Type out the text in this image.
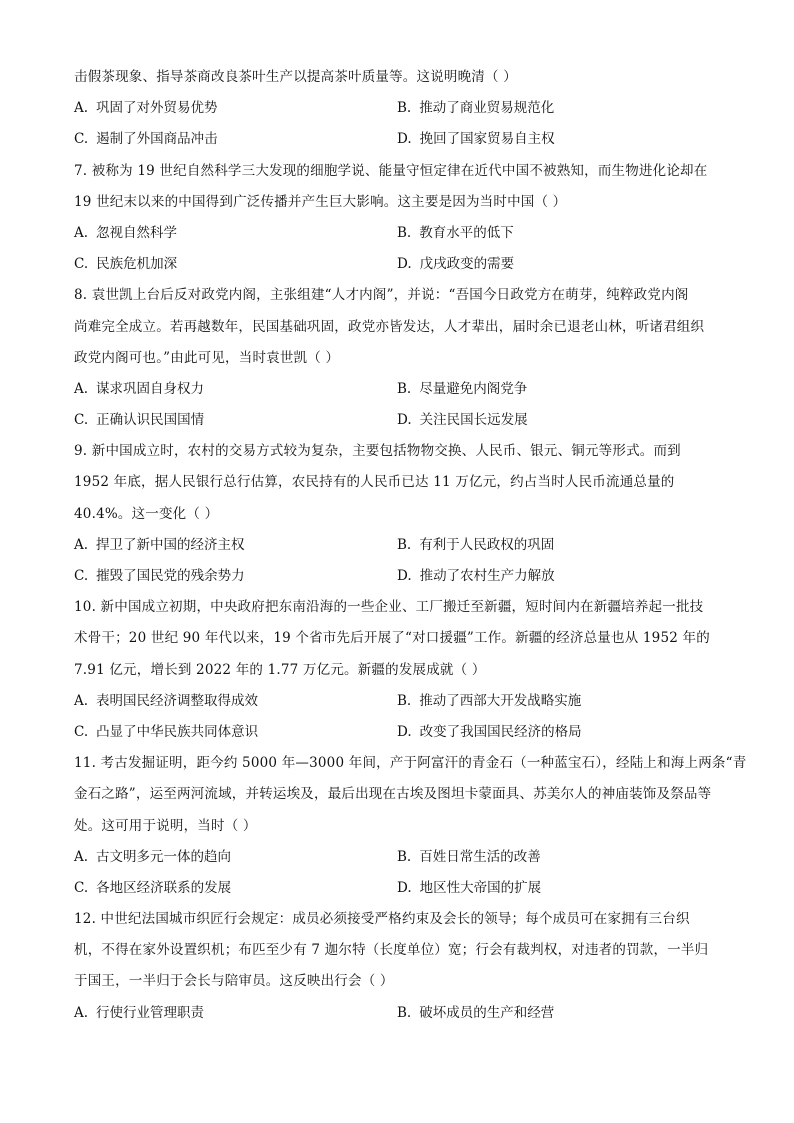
击假茶现象、指导茶商改良茶叶生产以提高茶叶质量等。这说明晚清（ ）
A. 巩固了对外贸易优势	B. 推动了商业贸易规范化
C. 遏制了外国商品冲击	D. 挽回了国家贸易自主权
7. 被称为 19 世纪自然科学三大发现的细胞学说、能量守恒定律在近代中国不被熟知，而生物进化论却在
19 世纪末以来的中国得到广泛传播并产生巨大影响。这主要是因为当时中国（ ）
A. 忽视自然科学	B. 教育水平的低下
C. 民族危机加深	D. 戊戌政变的需要
8. 袁世凯上台后反对政党内阁，主张组建“人才内阁”，并说：“吾国今日政党方在萌芽，纯粹政党内阁
尚难完全成立。若再越数年，民国基础巩固，政党亦皆发达，人才辈出，届时余已退老山林，听诸君组织
政党内阁可也。”由此可见，当时袁世凯（ ）
A. 谋求巩固自身权力	B. 尽量避免内阁党争
C. 正确认识民国国情	D. 关注民国长远发展
9. 新中国成立时，农村的交易方式较为复杂，主要包括物物交换、人民币、银元、铜元等形式。而到
1952 年底，据人民银行总行估算，农民持有的人民币已达 11 万亿元，约占当时人民币流通总量的
40.4%。这一变化（ ）
A. 捍卫了新中国的经济主权	B. 有利于人民政权的巩固
C. 摧毁了国民党的残余势力	D. 推动了农村生产力解放
10. 新中国成立初期，中央政府把东南沿海的一些企业、工厂搬迁至新疆，短时间内在新疆培养起一批技
术骨干；20 世纪 90 年代以来，19 个省市先后开展了“对口援疆”工作。新疆的经济总量也从 1952 年的
7.91 亿元，增长到 2022 年的 1.77 万亿元。新疆的发展成就（ ）
A. 表明国民经济调整取得成效	B. 推动了西部大开发战略实施
C. 凸显了中华民族共同体意识	D. 改变了我国国民经济的格局
11. 考古发掘证明，距今约 5000 年—3000 年间，产于阿富汗的青金石（一种蓝宝石），经陆上和海上两条“青
金石之路”，运至两河流域，并转运埃及，最后出现在古埃及图坦卡蒙面具、苏美尔人的神庙装饰及祭品等
处。这可用于说明，当时（ ）
A. 古文明多元一体的趋向	B. 百姓日常生活的改善
C. 各地区经济联系的发展	D. 地区性大帝国的扩展
12. 中世纪法国城市织匠行会规定：成员必须接受严格约束及会长的领导；每个成员可在家拥有三台织
机，不得在家外设置织机；布匹至少有 7 迦尔特（长度单位）宽；行会有裁判权，对违者的罚款，一半归
于国王，一半归于会长与陪审员。这反映出行会（ ）
A. 行使行业管理职责	B. 破坏成员的生产和经营
